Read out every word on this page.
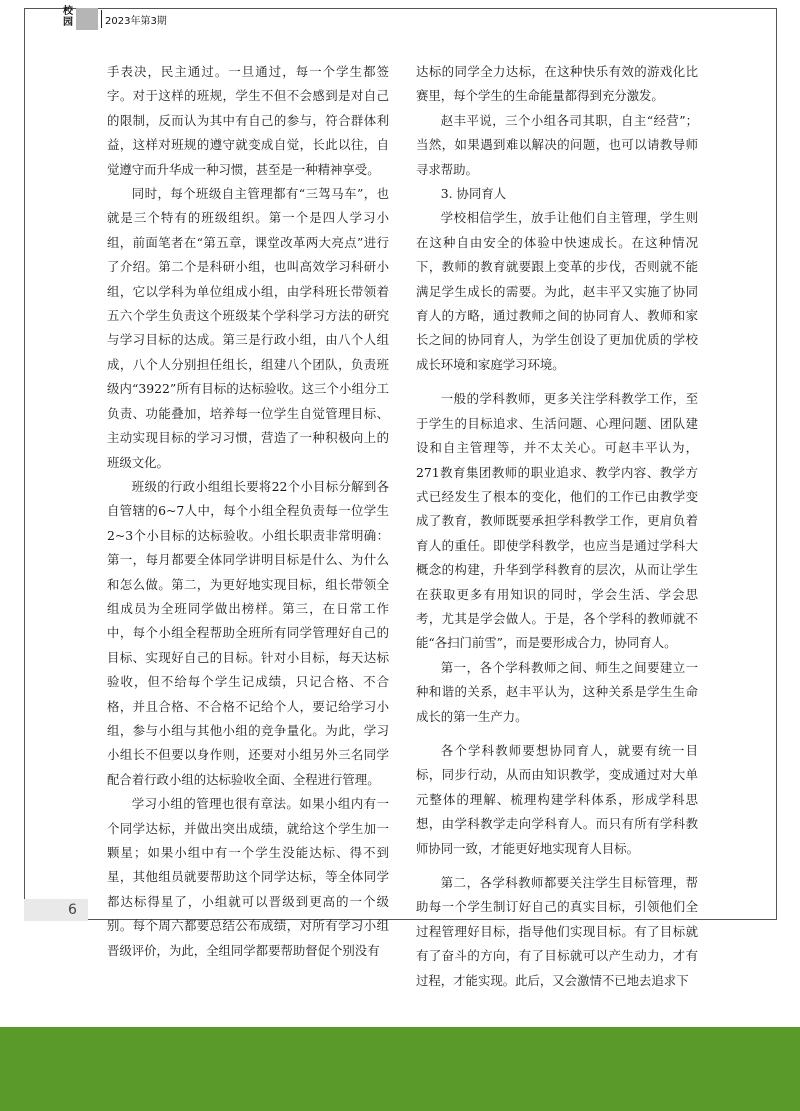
校园	2023年第3期

手表决，民主通过。一旦通过，每一个学生都签字。对于这样的班规，学生不但不会感到是对自己的限制，反而认为其中有自己的参与，符合群体利益，这样对班规的遵守就变成自觉，长此以往，自觉遵守而升华成一种习惯，甚至是一种精神享受。

同时，每个班级自主管理都有“三驾马车”，也就是三个特有的班级组织。第一个是四人学习小组，前面笔者在“第五章，课堂改革两大亮点”进行了介绍。第二个是科研小组，也叫高效学习科研小组，它以学科为单位组成小组，由学科班长带领着五六个学生负责这个班级某个学科学习方法的研究与学习目标的达成。第三是行政小组，由八个人组成，八个人分别担任组长，组建八个团队，负责班级内“3922”所有目标的达标验收。这三个小组分工负责、功能叠加，培养每一位学生自觉管理目标、主动实现目标的学习习惯，营造了一种积极向上的班级文化。

班级的行政小组组长要将22个小目标分解到各自管辖的6~7人中，每个小组全程负责每一位学生2~3个小目标的达标验收。小组长职责非常明确：第一，每月都要全体同学讲明目标是什么、为什么和怎么做。第二，为更好地实现目标，组长带领全组成员为全班同学做出榜样。第三，在日常工作中，每个小组全程帮助全班所有同学管理好自己的目标、实现好自己的目标。针对小目标，每天达标验收，但不给每个学生记成绩，只记合格、不合格，并且合格、不合格不记给个人，要记给学习小组，参与小组与其他小组的竞争量化。为此，学习小组长不但要以身作则，还要对小组另外三名同学配合着行政小组的达标验收全面、全程进行管理。

学习小组的管理也很有章法。如果小组内有一个同学达标，并做出突出成绩，就给这个学生加一颗星；如果小组中有一个学生没能达标、得不到星，其他组员就要帮助这个同学达标，等全体同学都达标得星了，小组就可以晋级到更高的一个级别。每个周六都要总结公布成绩，对所有学习小组晋级评价，为此，全组同学都要帮助督促个别没有

达标的同学全力达标，在这种快乐有效的游戏化比赛里，每个学生的生命能量都得到充分激发。

赵丰平说，三个小组各司其职，自主“经营”；当然，如果遇到难以解决的问题，也可以请教导师寻求帮助。

3. 协同育人

学校相信学生，放手让他们自主管理，学生则在这种自由安全的体验中快速成长。在这种情况下，教师的教育就要跟上变革的步伐，否则就不能满足学生成长的需要。为此，赵丰平又实施了协同育人的方略，通过教师之间的协同育人、教师和家长之间的协同育人，为学生创设了更加优质的学校成长环境和家庭学习环境。

一般的学科教师，更多关注学科教学工作，至于学生的目标追求、生活问题、心理问题、团队建设和自主管理等，并不太关心。可赵丰平认为，271教育集团教师的职业追求、教学内容、教学方式已经发生了根本的变化，他们的工作已由教学变成了教育，教师既要承担学科教学工作，更肩负着育人的重任。即使学科教学，也应当是通过学科大概念的构建，升华到学科教育的层次，从而让学生在获取更多有用知识的同时，学会生活、学会思考，尤其是学会做人。于是，各个学科的教师就不能“各扫门前雪”，而是要形成合力，协同育人。

第一，各个学科教师之间、师生之间要建立一种和谐的关系，赵丰平认为，这种关系是学生生命成长的第一生产力。

各个学科教师要想协同育人，就要有统一目标，同步行动，从而由知识教学，变成通过对大单元整体的理解、梳理构建学科体系，形成学科思想，由学科教学走向学科育人。而只有所有学科教师协同一致，才能更好地实现育人目标。

第二，各学科教师都要关注学生目标管理，帮助每一个学生制订好自己的真实目标，引领他们全过程管理好目标，指导他们实现目标。有了目标就有了奋斗的方向，有了目标就可以产生动力，才有过程，才能实现。此后，又会激情不已地去追求下

6
